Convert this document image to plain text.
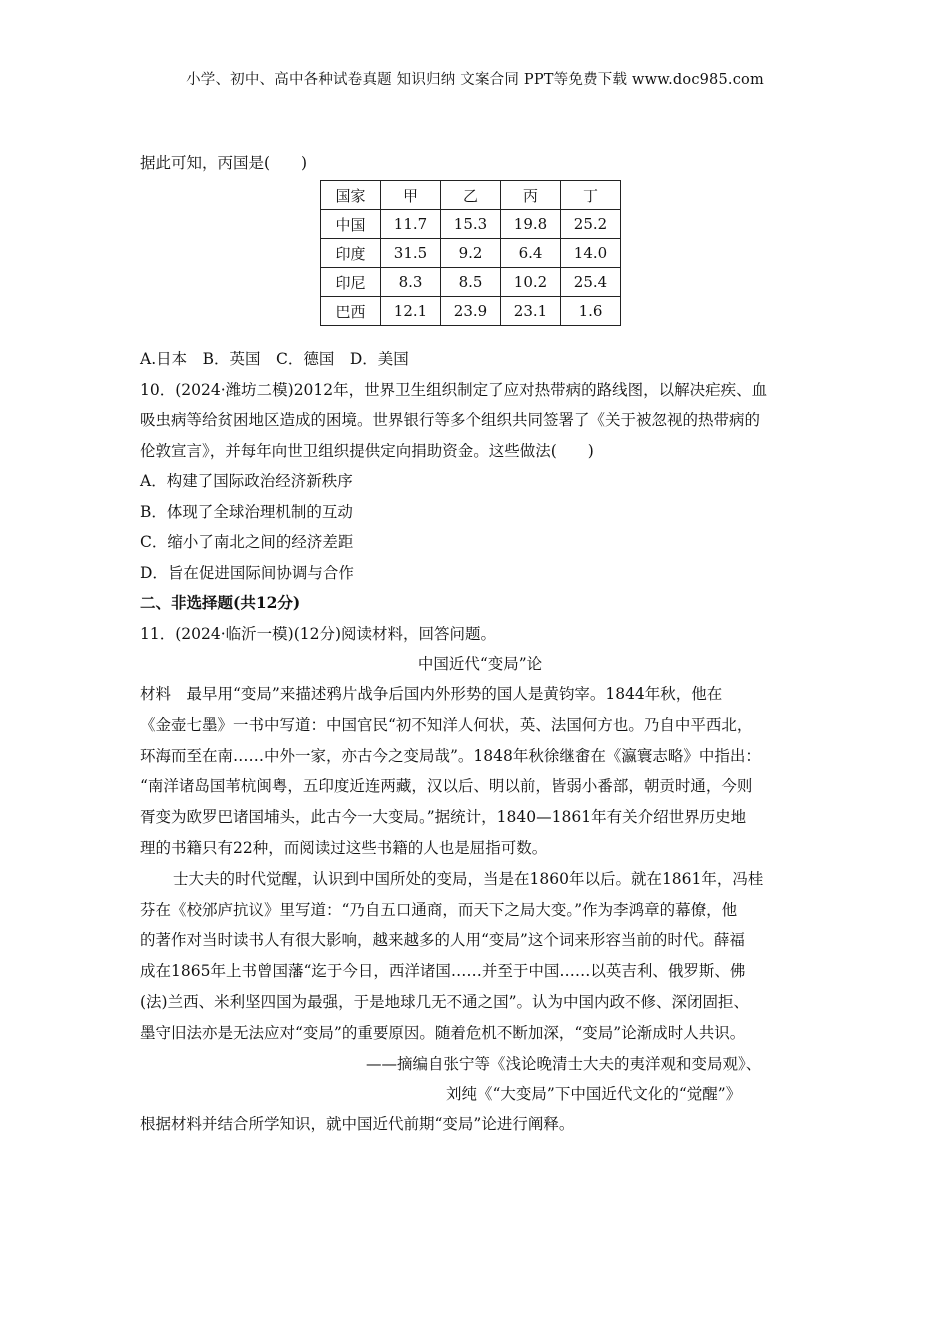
小学、初中、高中各种试卷真题 知识归纳 文案合同 PPT等免费下载 www.doc985.com
据此可知，丙国是(　　)
国家	甲	乙	丙	丁
中国	11.7	15.3	19.8	25.2
印度	31.5	9.2	6.4	14.0
印尼	8.3	8.5	10.2	25.4
巴西	12.1	23.9	23.1	1.6
A.日本　B．英国　C．德国　D．美国
10．(2024·潍坊二模)2012年，世界卫生组织制定了应对热带病的路线图，以解决疟疾、血
吸虫病等给贫困地区造成的困境。世界银行等多个组织共同签署了《关于被忽视的热带病的
伦敦宣言》，并每年向世卫组织提供定向捐助资金。这些做法(　　)
A．构建了国际政治经济新秩序
B．体现了全球治理机制的互动
C．缩小了南北之间的经济差距
D．旨在促进国际间协调与合作
二、非选择题(共12分)
11．(2024·临沂一模)(12分)阅读材料，回答问题。
中国近代“变局”论
材料　最早用“变局”来描述鸦片战争后国内外形势的国人是黄钧宰。1844年秋，他在
《金壶七墨》一书中写道：中国官民“初不知洋人何状，英、法国何方也。乃自中平西北，
环海而至在南……中外一家，亦古今之变局哉”。1848年秋徐继畬在《瀛寰志略》中指出：
“南洋诸岛国苇杭闽粤，五印度近连两藏，汉以后、明以前，皆弱小番部，朝贡时通，今则
胥变为欧罗巴诸国埔头，此古今一大变局。”据统计，1840—1861年有关介绍世界历史地
理的书籍只有22种，而阅读过这些书籍的人也是屈指可数。
士大夫的时代觉醒，认识到中国所处的变局，当是在1860年以后。就在1861年，冯桂
芬在《校邠庐抗议》里写道：“乃自五口通商，而天下之局大变。”作为李鸿章的幕僚，他
的著作对当时读书人有很大影响，越来越多的人用“变局”这个词来形容当前的时代。薛福
成在1865年上书曾国藩“迄于今日，西洋诸国……并至于中国……以英吉利、俄罗斯、佛
(法)兰西、米利坚四国为最强，于是地球几无不通之国”。认为中国内政不修、深闭固拒、
墨守旧法亦是无法应对“变局”的重要原因。随着危机不断加深，“变局”论渐成时人共识。
——摘编自张宁等《浅论晚清士大夫的夷洋观和变局观》、
刘纯《“大变局”下中国近代文化的“觉醒”》
根据材料并结合所学知识，就中国近代前期“变局”论进行阐释。
